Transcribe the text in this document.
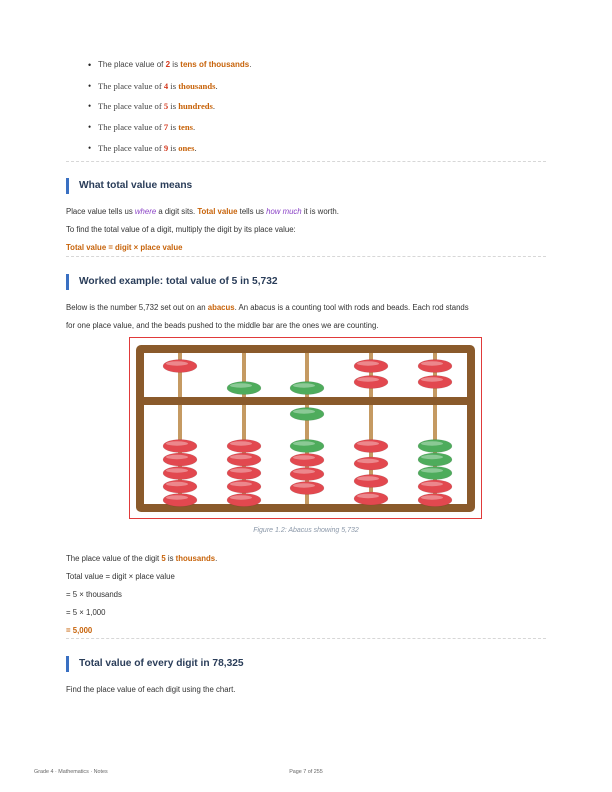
• The place value of 2 is tens of thousands.
• The place value of 4 is thousands.
• The place value of 5 is hundreds.
• The place value of 7 is tens.
• The place value of 9 is ones.
What total value means
Place value tells us where a digit sits. Total value tells us how much it is worth.
To find the total value of a digit, multiply the digit by its place value:
Total value = digit × place value
Worked example: total value of 5 in 5,732
Below is the number 5,732 set out on an abacus. An abacus is a counting tool with rods and beads. Each rod stands
for one place value, and the beads pushed to the middle bar are the ones we are counting.
Figure 1.2: Abacus showing 5,732
The place value of the digit 5 is thousands.
Total value = digit × place value
= 5 × thousands
= 5 × 1,000
= 5,000
Total value of every digit in 78,325
Find the place value of each digit using the chart.
Grade 4 · Mathematics · Notes	Page 7 of 255
